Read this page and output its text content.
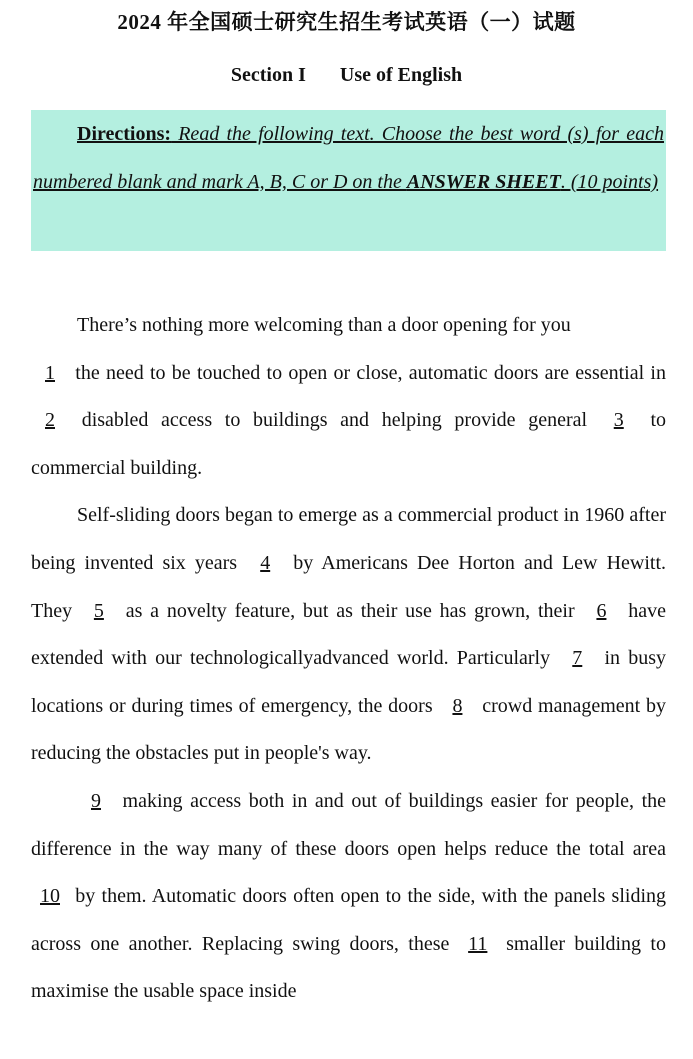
2024 年全国硕士研究生招生考试英语（一）试题
Section I Use of English

Directions: Read the following text. Choose the best word (s) for each numbered blank and mark A, B, C or D on the ANSWER SHEET. (10 points)

There’s nothing more welcoming than a door opening for you
1 the need to be touched to open or close, automatic doors are essential in 2 disabled access to buildings and helping provide general 3 to commercial building.

Self-sliding doors began to emerge as a commercial product in 1960 after being invented six years 4 by Americans Dee Horton and Lew Hewitt. They 5 as a novelty feature, but as their use has grown, their 6 have extended with our technologicallyadvanced world. Particularly 7 in busy locations or during times of emergency, the doors 8 crowd management by reducing the obstacles put in people's way.

9 making access both in and out of buildings easier for people, the difference in the way many of these doors open helps reduce the total area 10 by them. Automatic doors often open to the side, with the panels sliding across one another. Replacing swing doors, these 11 smaller building to maximise the usable space inside
